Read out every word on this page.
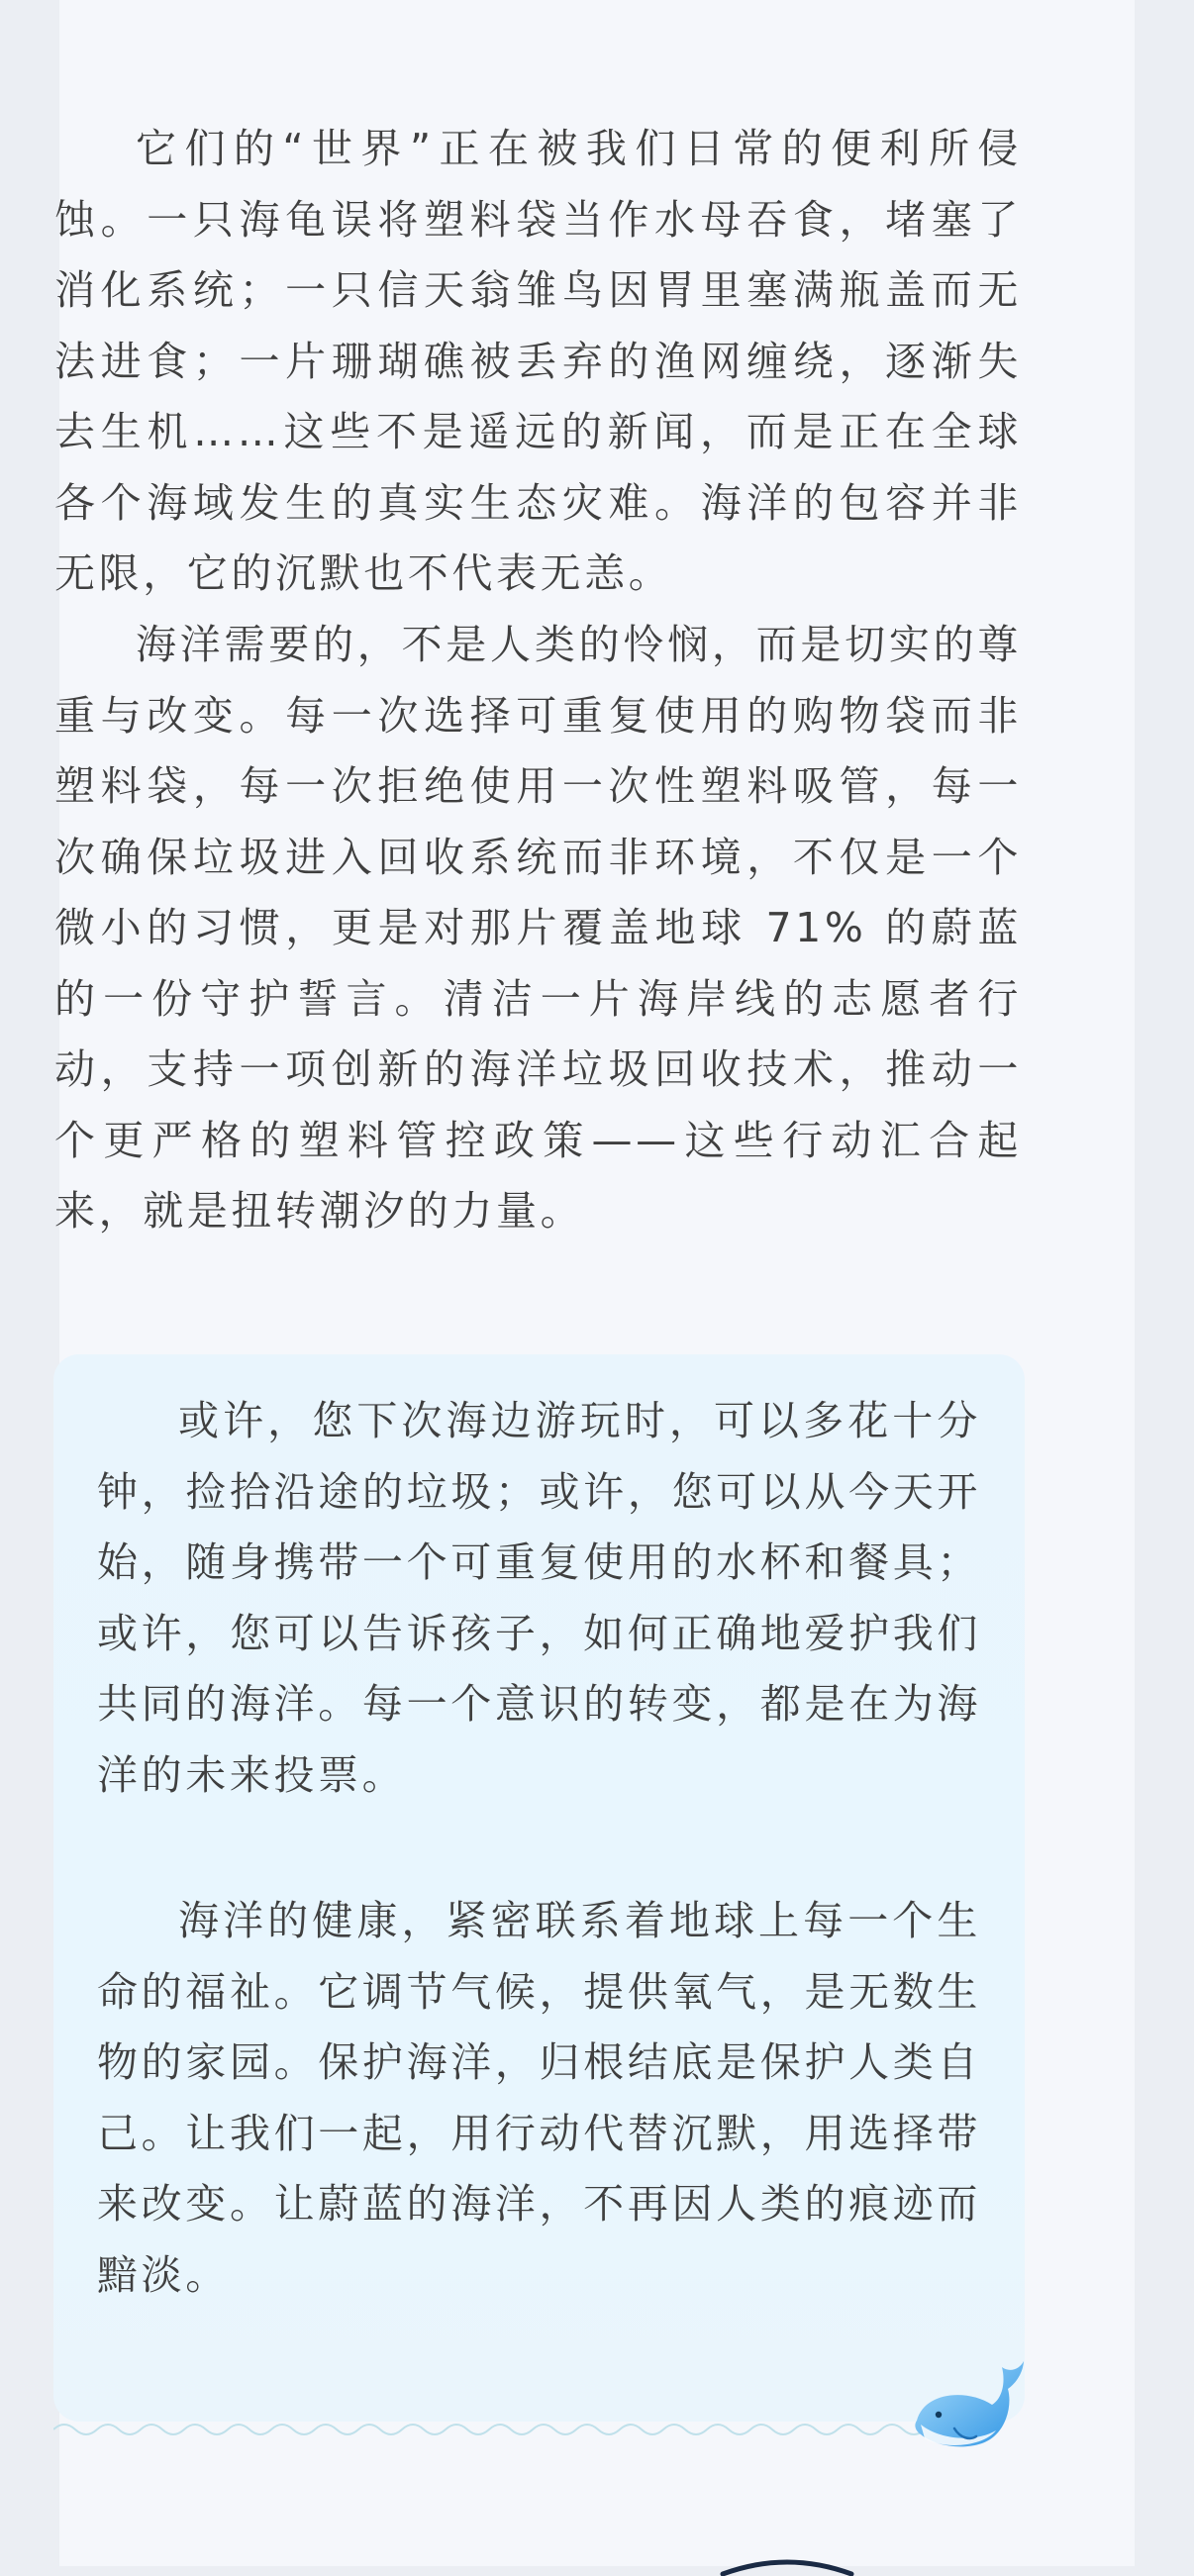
它们的“世界”正在被我们日常的便利所侵蚀。一只海龟误将塑料袋当作水母吞食，堵塞了消化系统；一只信天翁雏鸟因胃里塞满瓶盖而无法进食；一片珊瑚礁被丢弃的渔网缠绕，逐渐失去生机……这些不是遥远的新闻，而是正在全球各个海域发生的真实生态灾难。海洋的包容并非无限，它的沉默也不代表无恙。

海洋需要的，不是人类的怜悯，而是切实的尊重与改变。每一次选择可重复使用的购物袋而非塑料袋，每一次拒绝使用一次性塑料吸管，每一次确保垃圾进入回收系统而非环境，不仅是一个微小的习惯，更是对那片覆盖地球 71% 的蔚蓝的一份守护誓言。清洁一片海岸线的志愿者行动，支持一项创新的海洋垃圾回收技术，推动一个更严格的塑料管控政策——这些行动汇合起来，就是扭转潮汐的力量。

或许，您下次海边游玩时，可以多花十分钟，捡拾沿途的垃圾；或许，您可以从今天开始，随身携带一个可重复使用的水杯和餐具；或许，您可以告诉孩子，如何正确地爱护我们共同的海洋。每一个意识的转变，都是在为海洋的未来投票。

海洋的健康，紧密联系着地球上每一个生命的福祉。它调节气候，提供氧气，是无数生物的家园。保护海洋，归根结底是保护人类自己。让我们一起，用行动代替沉默，用选择带来改变。让蔚蓝的海洋，不再因人类的痕迹而黯淡。
